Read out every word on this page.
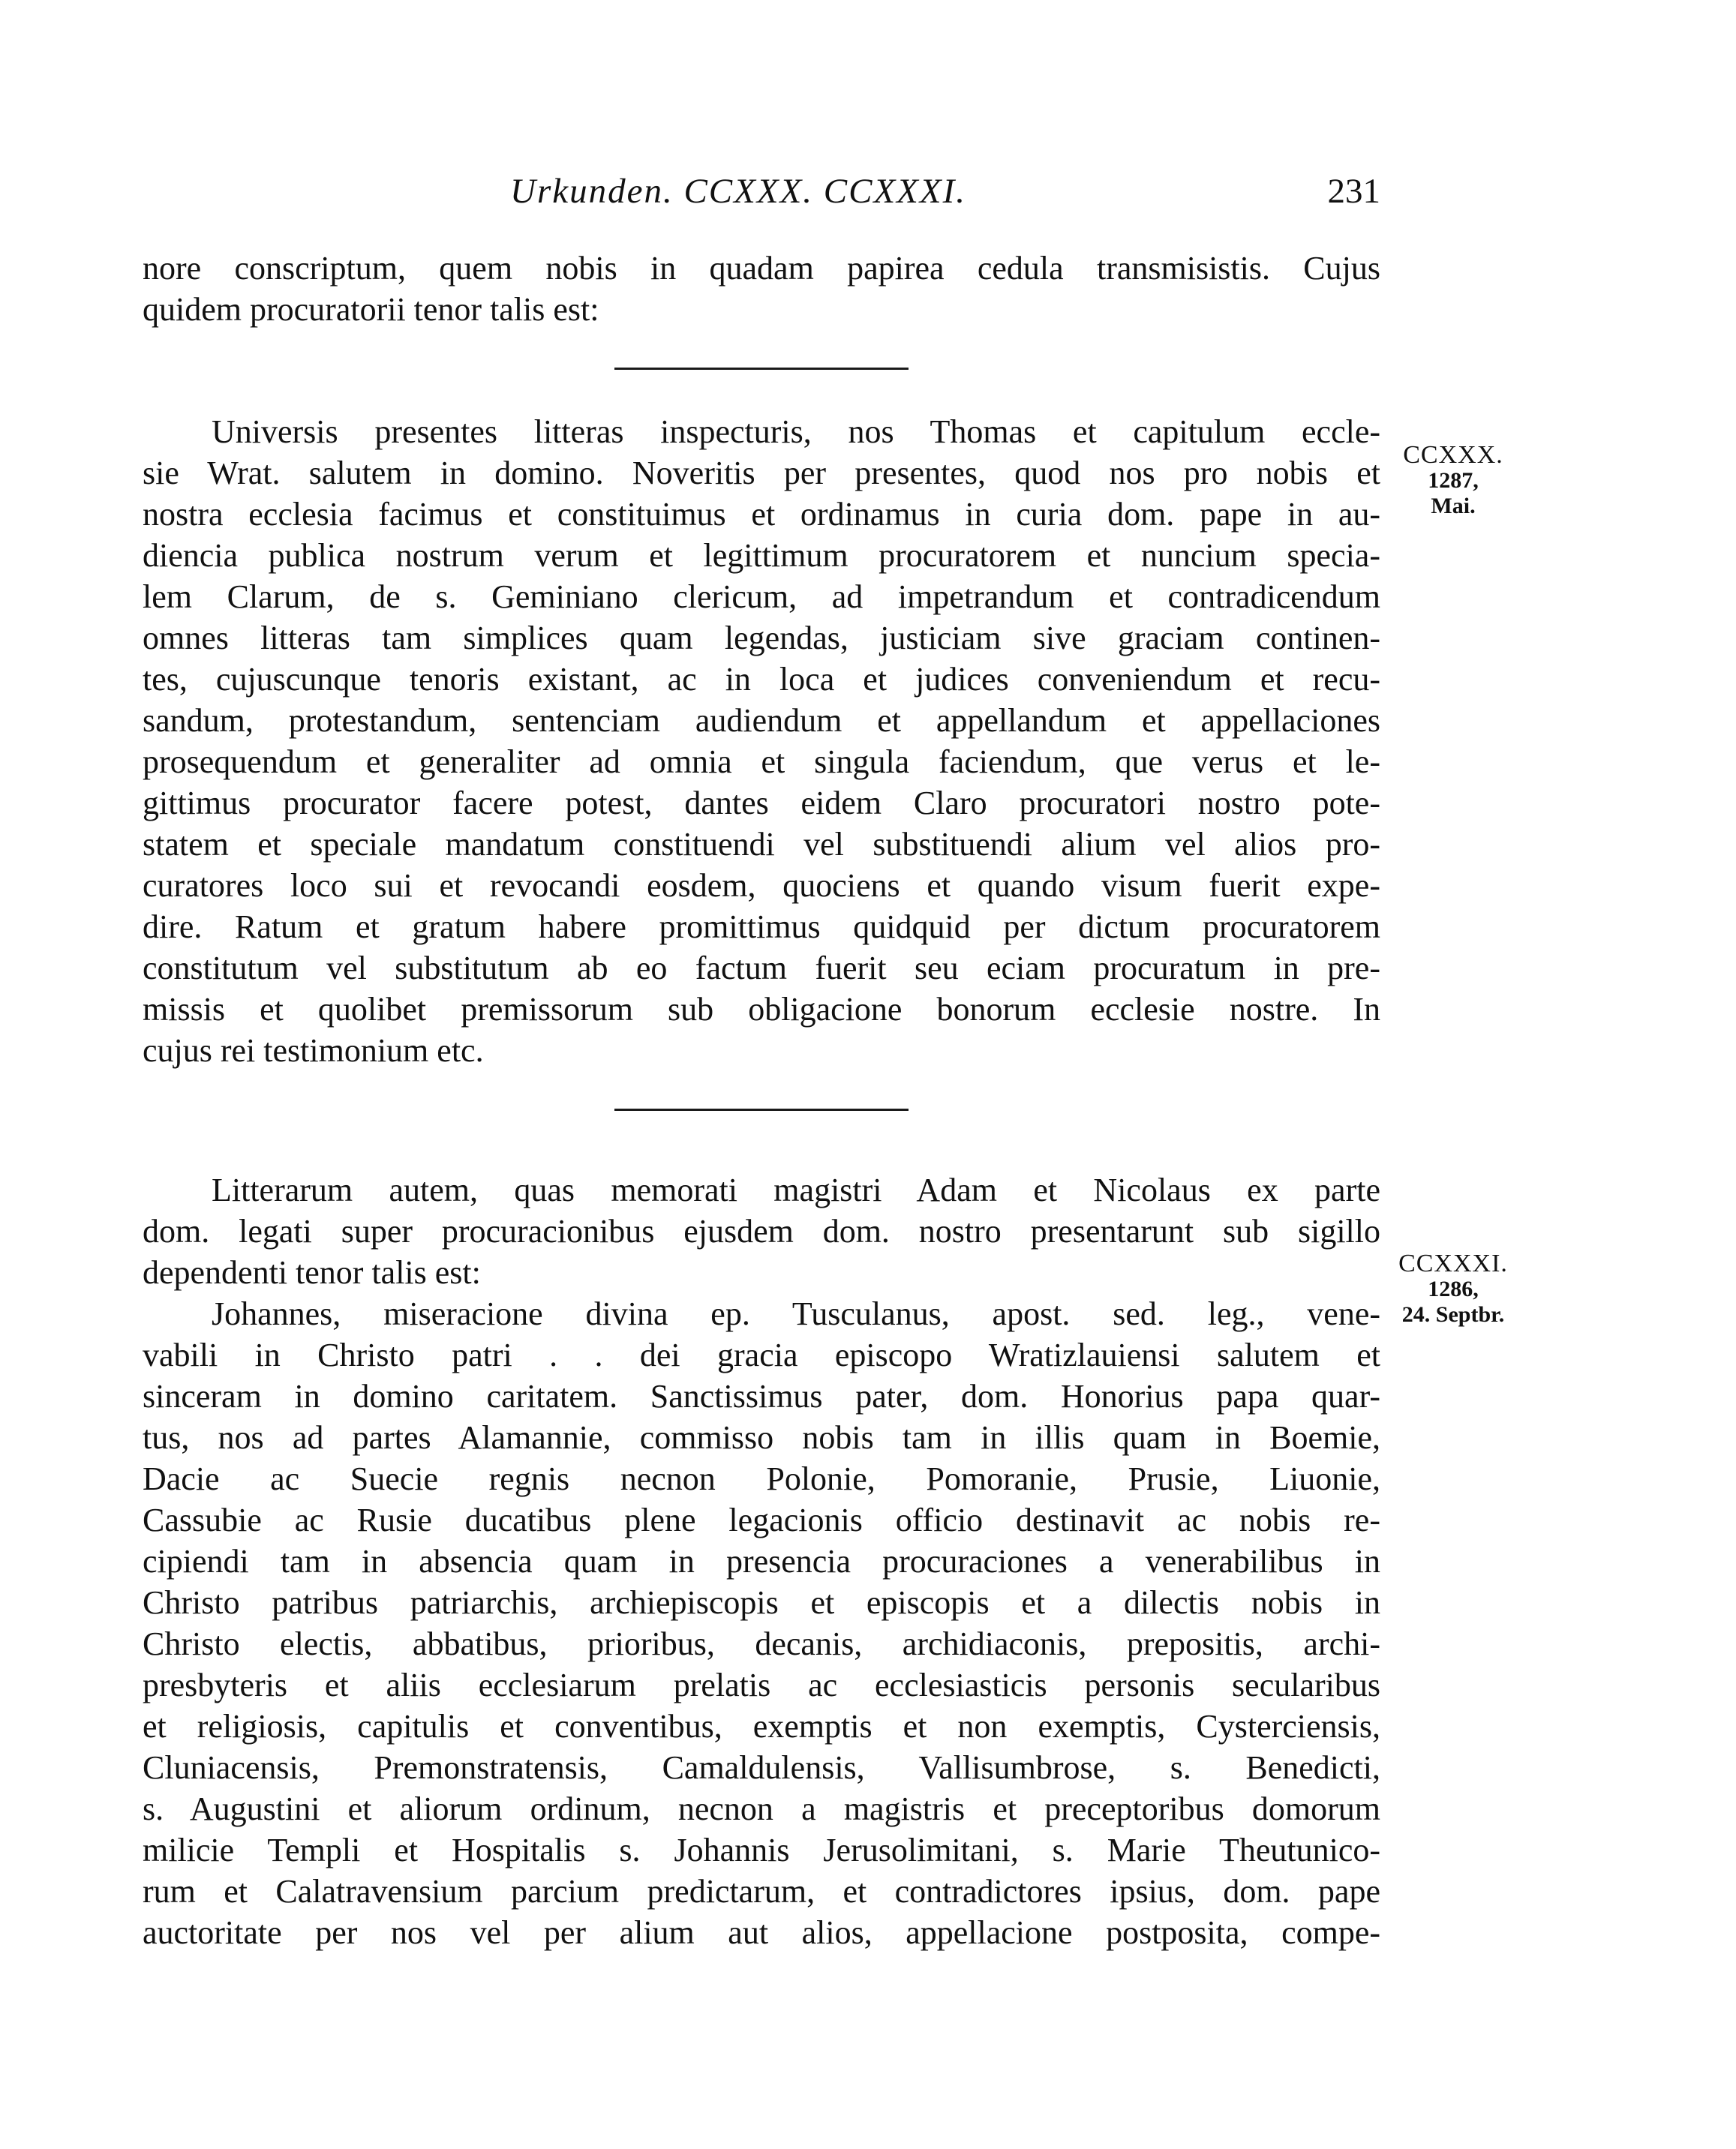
Urkunden. CCXXX. CCXXXI.	231
nore conscriptum, quem nobis in quadam papirea cedula transmisistis. Cujus
quidem procuratorii tenor talis est:
Universis presentes litteras inspecturis, nos Thomas et capitulum eccle-
sie Wrat. salutem in domino. Noveritis per presentes, quod nos pro nobis et
nostra ecclesia facimus et constituimus et ordinamus in curia dom. pape in au-
diencia publica nostrum verum et legittimum procuratorem et nuncium specia-
lem Clarum, de s. Geminiano clericum, ad impetrandum et contradicendum
omnes litteras tam simplices quam legendas, justiciam sive graciam continen-
tes, cujuscunque tenoris existant, ac in loca et judices conveniendum et recu-
sandum, protestandum, sentenciam audiendum et appellandum et appellaciones
prosequendum et generaliter ad omnia et singula faciendum, que verus et le-
gittimus procurator facere potest, dantes eidem Claro procuratori nostro pote-
statem et speciale mandatum constituendi vel substituendi alium vel alios pro-
curatores loco sui et revocandi eosdem, quociens et quando visum fuerit expe-
dire. Ratum et gratum habere promittimus quidquid per dictum procuratorem
constitutum vel substitutum ab eo factum fuerit seu eciam procuratum in pre-
missis et quolibet premissorum sub obligacione bonorum ecclesie nostre. In
cujus rei testimonium etc.
Litterarum autem, quas memorati magistri Adam et Nicolaus ex parte
dom. legati super procuracionibus ejusdem dom. nostro presentarunt sub sigillo
dependenti tenor talis est:
Johannes, miseracione divina ep. Tusculanus, apost. sed. leg., vene-
vabili in Christo patri . . dei gracia episcopo Wratizlauiensi salutem et
sinceram in domino caritatem. Sanctissimus pater, dom. Honorius papa quar-
tus, nos ad partes Alamannie, commisso nobis tam in illis quam in Boemie,
Dacie ac Suecie regnis necnon Polonie, Pomoranie, Prusie, Liuonie,
Cassubie ac Rusie ducatibus plene legacionis officio destinavit ac nobis re-
cipiendi tam in absencia quam in presencia procuraciones a venerabilibus in
Christo patribus patriarchis, archiepiscopis et episcopis et a dilectis nobis in
Christo electis, abbatibus, prioribus, decanis, archidiaconis, prepositis, archi-
presbyteris et aliis ecclesiarum prelatis ac ecclesiasticis personis secularibus
et religiosis, capitulis et conventibus, exemptis et non exemptis, Cysterciensis,
Cluniacensis, Premonstratensis, Camaldulensis, Vallisumbrose, s. Benedicti,
s. Augustini et aliorum ordinum, necnon a magistris et preceptoribus domorum
milicie Templi et Hospitalis s. Johannis Jerusolimitani, s. Marie Theutunico-
rum et Calatravensium parcium predictarum, et contradictores ipsius, dom. pape
auctoritate per nos vel per alium aut alios, appellacione postposita, compe-
CCXXX.
1287,
Mai.
CCXXXI.
1286,
24. Septbr.
